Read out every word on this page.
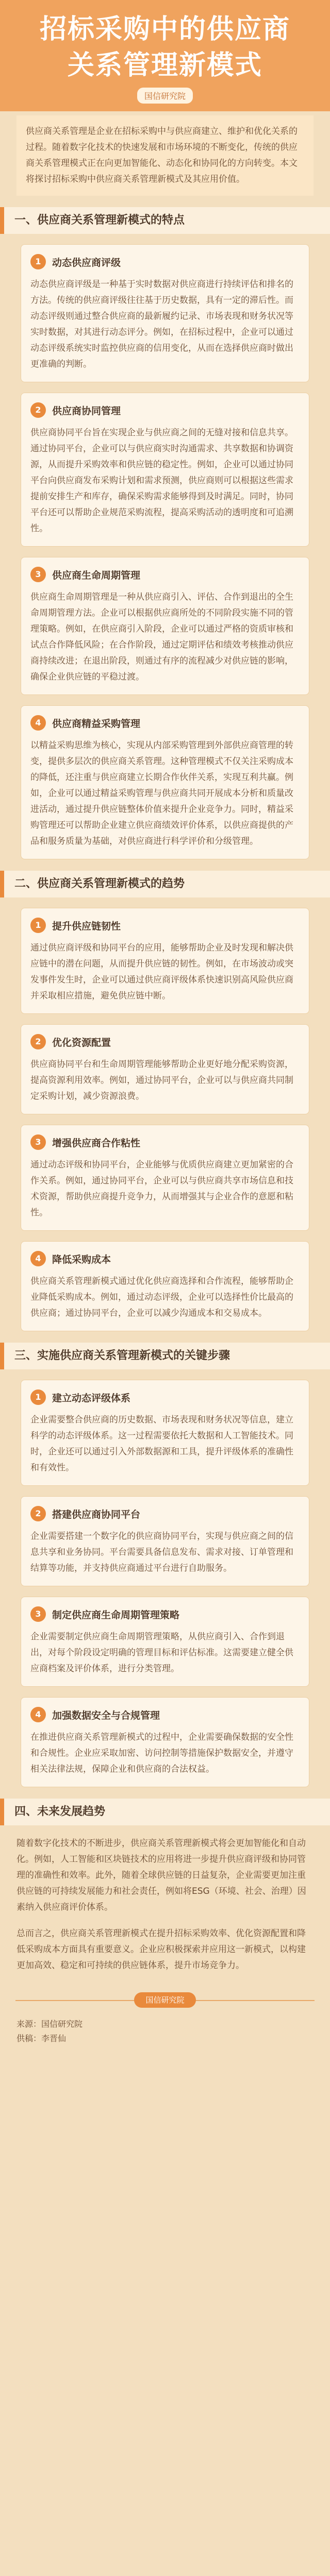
招标采购中的供应商
关系管理新模式
国信研究院
供应商关系管理是企业在招标采购中与供应商建立、维护和优化关系的过程。随着数字化技术的快速发展和市场环境的不断变化，传统的供应商关系管理模式正在向更加智能化、动态化和协同化的方向转变。本文将探讨招标采购中供应商关系管理新模式及其应用价值。
一、供应商关系管理新模式的特点
1	动态供应商评级
动态供应商评级是一种基于实时数据对供应商进行持续评估和排名的方法。传统的供应商评级往往基于历史数据，具有一定的滞后性。而动态评级则通过整合供应商的最新履约记录、市场表现和财务状况等实时数据，对其进行动态评分。例如，在招标过程中，企业可以通过动态评级系统实时监控供应商的信用变化，从而在选择供应商时做出更准确的判断。
2	供应商协同管理
供应商协同平台旨在实现企业与供应商之间的无缝对接和信息共享。通过协同平台，企业可以与供应商实时沟通需求、共享数据和协调资源，从而提升采购效率和供应链的稳定性。例如，企业可以通过协同平台向供应商发布采购计划和需求预测，供应商则可以根据这些需求提前安排生产和库存，确保采购需求能够得到及时满足。同时，协同平台还可以帮助企业规范采购流程，提高采购活动的透明度和可追溯性。
3	供应商生命周期管理
供应商生命周期管理是一种从供应商引入、评估、合作到退出的全生命周期管理方法。企业可以根据供应商所处的不同阶段实施不同的管理策略。例如，在供应商引入阶段，企业可以通过严格的资质审核和试点合作降低风险；在合作阶段，通过定期评估和绩效考核推动供应商持续改进；在退出阶段，则通过有序的流程减少对供应链的影响，确保企业供应链的平稳过渡。
4	供应商精益采购管理
以精益采购思维为核心，实现从内部采购管理到外部供应商管理的转变，提供多层次的供应商关系管理。这种管理模式不仅关注采购成本的降低，还注重与供应商建立长期合作伙伴关系，实现互利共赢。例如，企业可以通过精益采购管理与供应商共同开展成本分析和质量改进活动，通过提升供应链整体价值来提升企业竞争力。同时，精益采购管理还可以帮助企业建立供应商绩效评价体系，以供应商提供的产品和服务质量为基础，对供应商进行科学评价和分级管理。
二、供应商关系管理新模式的趋势
1	提升供应链韧性
通过供应商评级和协同平台的应用，能够帮助企业及时发现和解决供应链中的潜在问题，从而提升供应链的韧性。例如，在市场波动或突发事件发生时，企业可以通过供应商评级体系快速识别高风险供应商并采取相应措施，避免供应链中断。
2	优化资源配置
供应商协同平台和生命周期管理能够帮助企业更好地分配采购资源，提高资源利用效率。例如，通过协同平台，企业可以与供应商共同制定采购计划，减少资源浪费。
3	增强供应商合作粘性
通过动态评级和协同平台，企业能够与优质供应商建立更加紧密的合作关系。例如，通过协同平台，企业可以与供应商共享市场信息和技术资源，帮助供应商提升竞争力，从而增强其与企业合作的意愿和粘性。
4	降低采购成本
供应商关系管理新模式通过优化供应商选择和合作流程，能够帮助企业降低采购成本。例如，通过动态评级，企业可以选择性价比最高的供应商；通过协同平台，企业可以减少沟通成本和交易成本。
三、实施供应商关系管理新模式的关键步骤
1	建立动态评级体系
企业需要整合供应商的历史数据、市场表现和财务状况等信息，建立科学的动态评级体系。这一过程需要依托大数据和人工智能技术。同时，企业还可以通过引入外部数据源和工具，提升评级体系的准确性和有效性。
2	搭建供应商协同平台
企业需要搭建一个数字化的供应商协同平台，实现与供应商之间的信息共享和业务协同。平台需要具备信息发布、需求对接、订单管理和结算等功能，并支持供应商通过平台进行自助服务。
3	制定供应商生命周期管理策略
企业需要制定供应商生命周期管理策略，从供应商引入、合作到退出，对每个阶段设定明确的管理目标和评估标准。这需要建立健全供应商档案及评价体系，进行分类管理。
4	加强数据安全与合规管理
在推进供应商关系管理新模式的过程中，企业需要确保数据的安全性和合规性。企业应采取加密、访问控制等措施保护数据安全，并遵守相关法律法规，保障企业和供应商的合法权益。
四、未来发展趋势
随着数字化技术的不断进步，供应商关系管理新模式将会更加智能化和自动化。例如，人工智能和区块链技术的应用将进一步提升供应商评级和协同管理的准确性和效率。此外，随着全球供应链的日益复杂，企业需要更加注重供应链的可持续发展能力和社会责任，例如将ESG（环境、社会、治理）因素纳入供应商评价体系。
总而言之，供应商关系管理新模式在提升招标采购效率、优化资源配置和降低采购成本方面具有重要意义。企业应积极探索并应用这一新模式，以构建更加高效、稳定和可持续的供应链体系，提升市场竞争力。
国信研究院
来源：国信研究院
供稿：李晋仙
